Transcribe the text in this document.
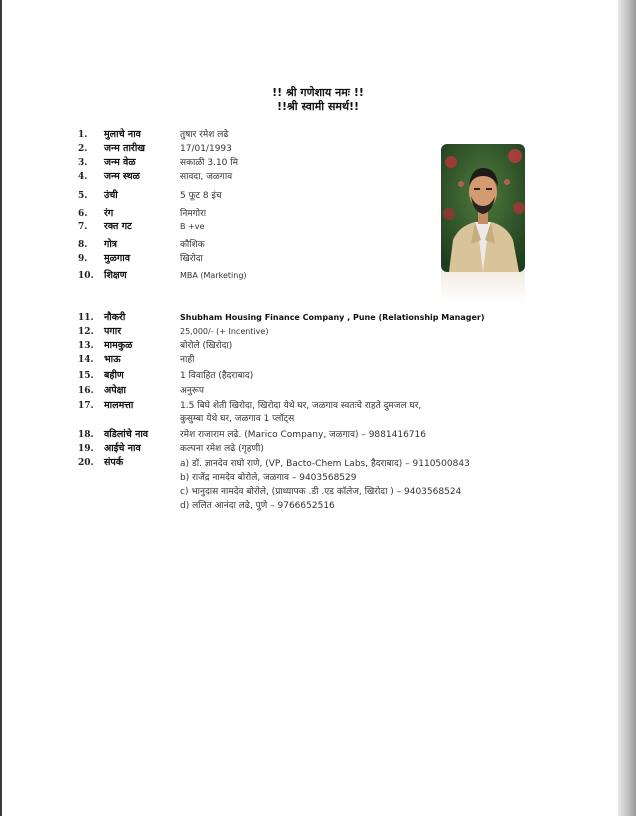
!! श्री गणेशाय नमः !!
!!श्री स्वामी समर्थ!!
1.	मुलाचे नाव	तुषार रमेश लढे
2.	जन्म तारीख	17/01/1993
3.	जन्म वेळ	सकाळी 3.10 मि
4.	जन्म स्थळ	सावदा, जळगाव
5.	उंची	5 फूट 8 इंच
6.	रंग	निमगोरा
7.	रक्त गट	B +ve
8.	गोत्र	कौशिक
9.	मुळगाव	खिरोदा
10.	शिक्षण	MBA (Marketing)
11.	नौकरी	Shubham Housing Finance Company , Pune (Relationship Manager)
12.	पगार	25,000/- (+ Incentive)
13.	मामकुळ	बोरोले (खिरोदा)
14.	भाऊ	नाही
15.	बहीण	1 विवाहित (हैदराबाद)
16.	अपेक्षा	अनुरूप
17.	मालमत्ता	1.5 बिघे शेती खिरोदा, खिरोदा येथे घर, जळगाव स्वतःचे राहते दुमजल घर,
कुसुम्बा येथे घर, जळगाव 1 प्लॉट्स
18.	वडिलांचे नाव	रमेश राजाराम लढे. (Marico Company, जळगाव) – 9881416716
19.	आईचे नाव	कल्पना रमेश लढे (गृहणी)
20.	संपर्क	a) डॉ. ज्ञानदेव राघो राणे, (VP, Bacto-Chem Labs, हैदराबाद) – 9110500843
b) राजेंद्र नामदेव बोरोले, जळगाव – 9403568529
c) भानुदास नामदेव बोरोले, (प्राध्यापक .डी .एड कॉलेज, खिरोदा ) – 9403568524
d) ललित आनंदा लढे, पुणे – 9766652516
